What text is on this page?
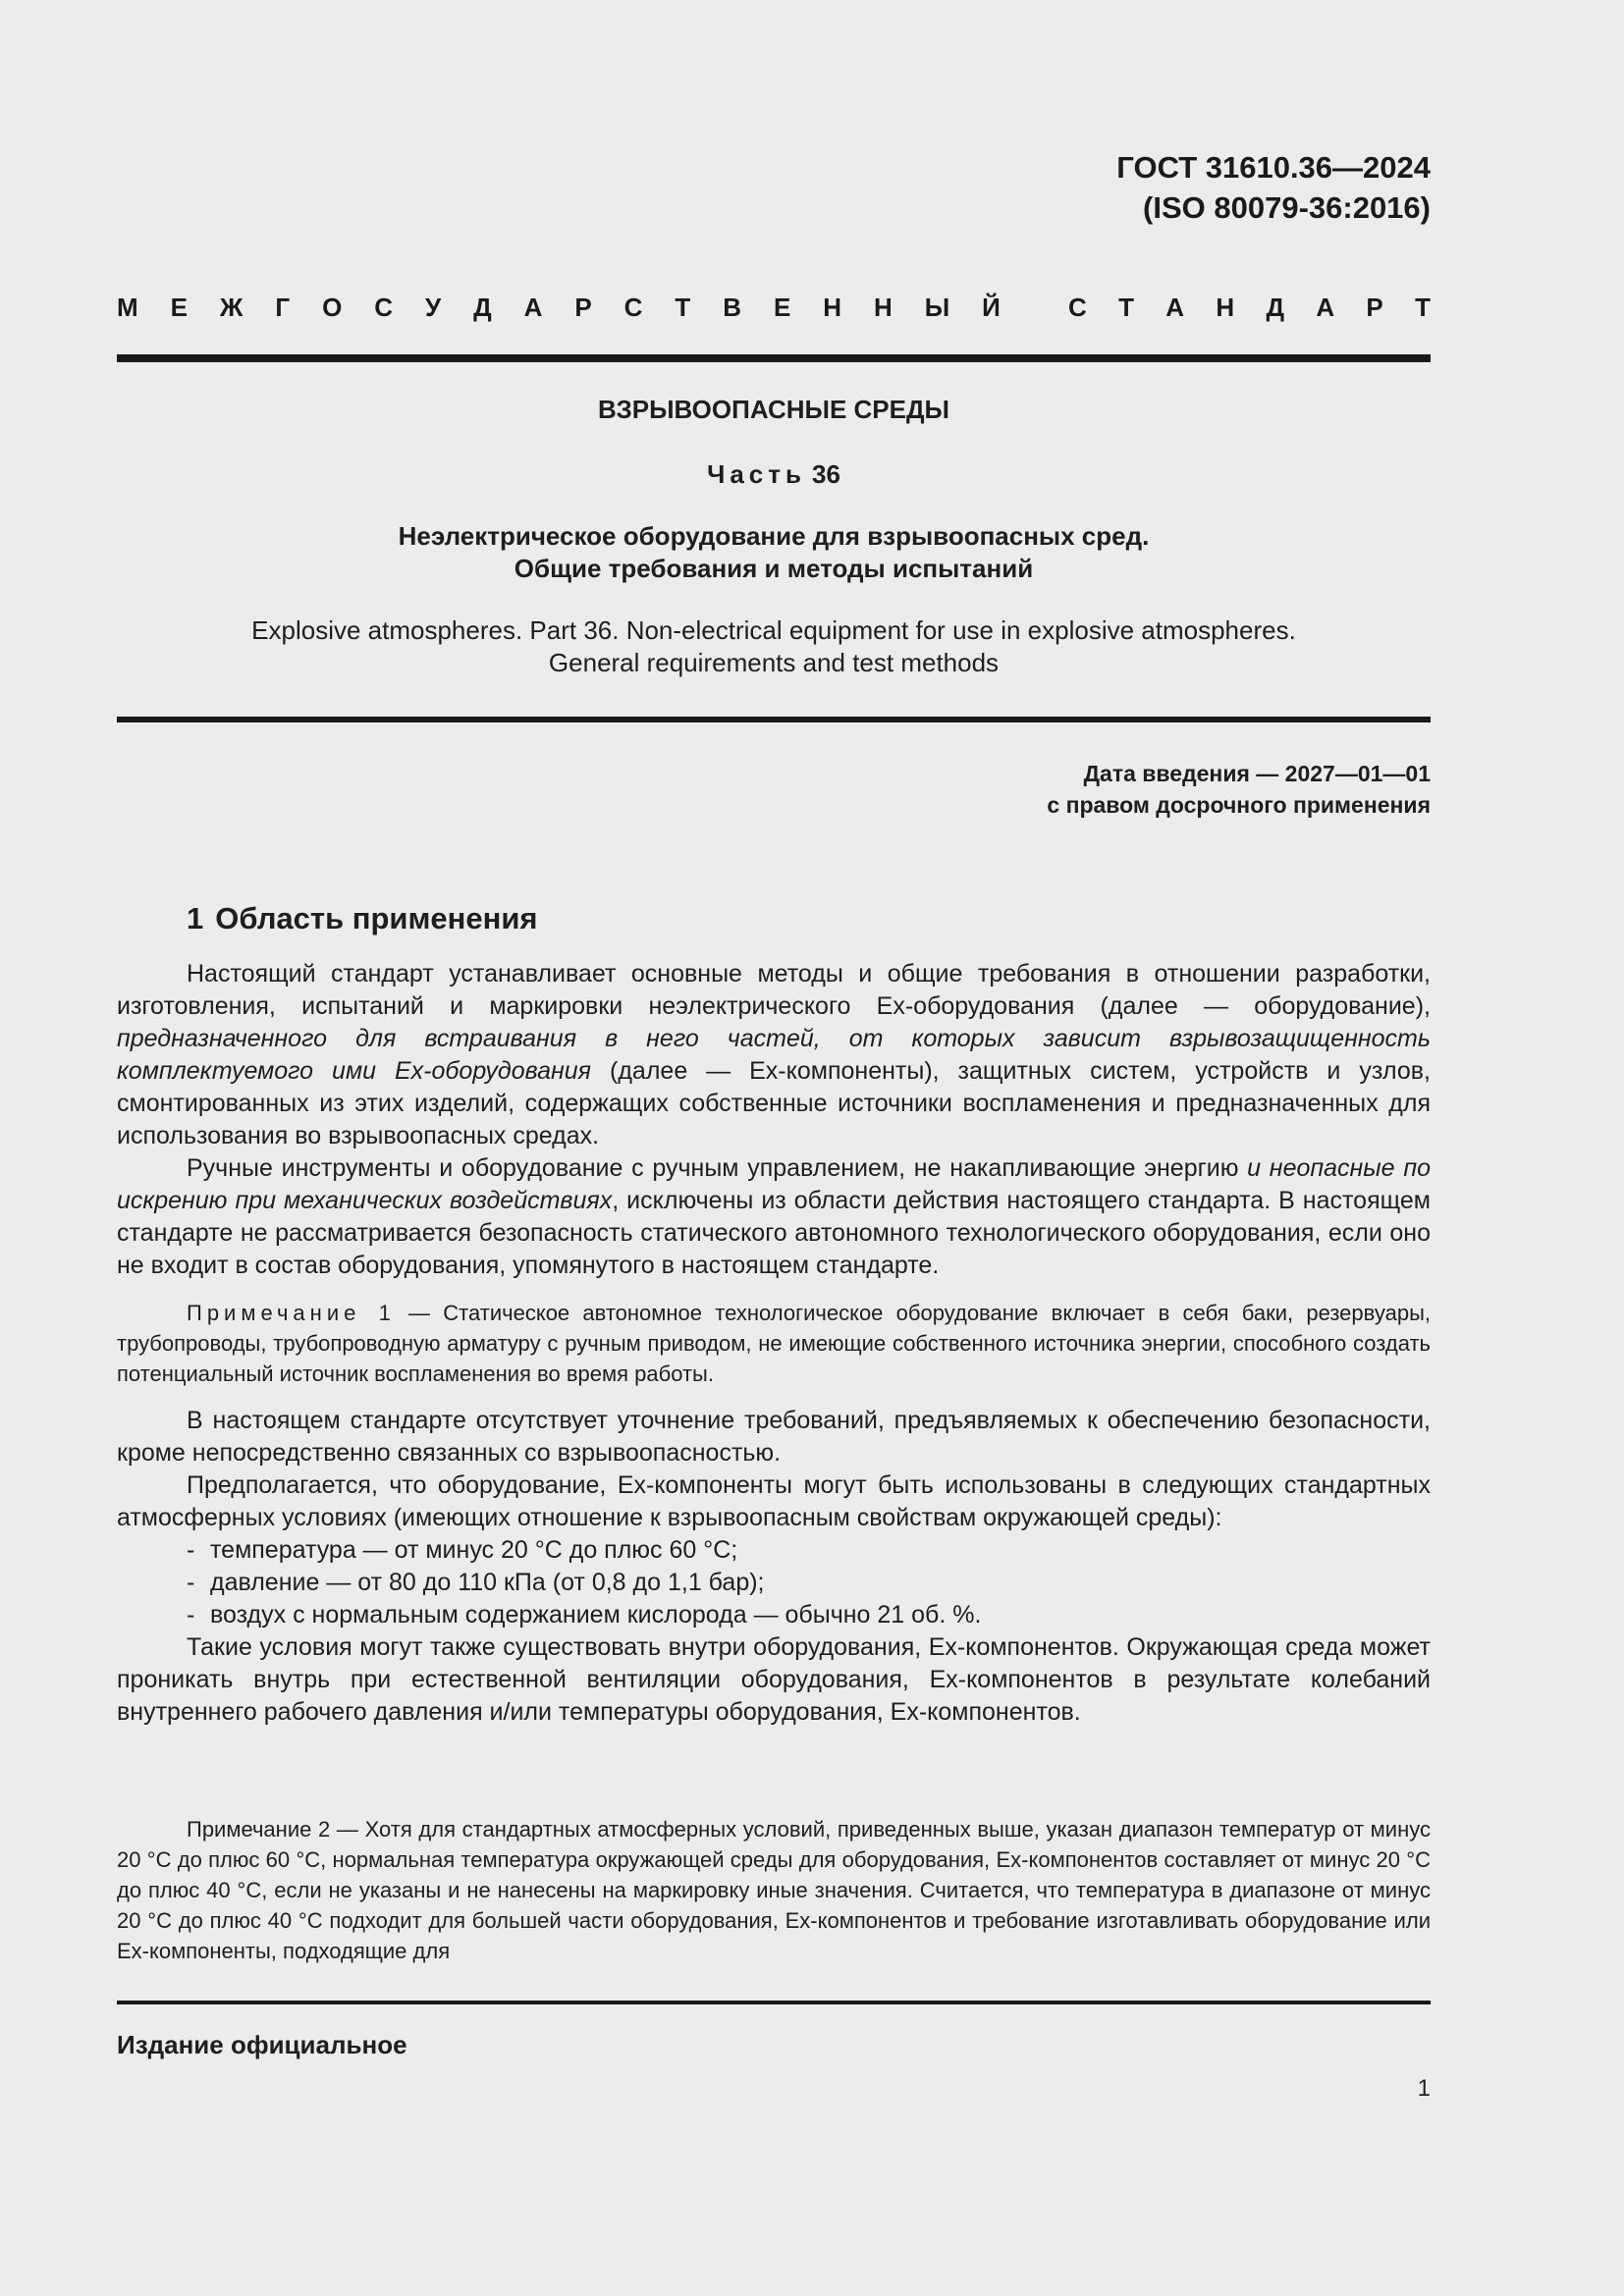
ГОСТ 31610.36—2024
(ISO 80079-36:2016)
М Е Ж Г О С У Д А Р С Т В Е Н Н Ы Й	С Т А Н Д А Р Т
ВЗРЫВООПАСНЫЕ СРЕДЫ
Часть 36
Неэлектрическое оборудование для взрывоопасных сред.
Общие требования и методы испытаний
Explosive atmospheres. Part 36. Non-electrical equipment for use in explosive atmospheres.
General requirements and test methods
Дата введения — 2027—01—01
с правом досрочного применения
1 Область применения

Настоящий стандарт устанавливает основные методы и общие требования в отношении разработки, изготовления, испытаний и маркировки неэлектрического Ех-оборудования (далее — оборудование), предназначенного для встраивания в него частей, от которых зависит взрывозащищенность комплектуемого ими Ех-оборудования (далее — Ех-компоненты), защитных систем, устройств и узлов, смонтированных из этих изделий, содержащих собственные источники воспламенения и предназначенных для использования во взрывоопасных средах.

Ручные инструменты и оборудование с ручным управлением, не накапливающие энергию и неопасные по искрению при механических воздействиях, исключены из области действия настоящего стандарта. В настоящем стандарте не рассматривается безопасность статического автономного технологического оборудования, если оно не входит в состав оборудования, упомянутого в настоящем стандарте.

Примечание 1 — Статическое автономное технологическое оборудование включает в себя баки, резервуары, трубопроводы, трубопроводную арматуру с ручным приводом, не имеющие собственного источника энергии, способного создать потенциальный источник воспламенения во время работы.

В настоящем стандарте отсутствует уточнение требований, предъявляемых к обеспечению безопасности, кроме непосредственно связанных со взрывоопасностью.

Предполагается, что оборудование, Ех-компоненты могут быть использованы в следующих стандартных атмосферных условиях (имеющих отношение к взрывоопасным свойствам окружающей среды):

- температура — от минус 20 °С до плюс 60 °С;
- давление — от 80 до 110 кПа (от 0,8 до 1,1 бар);
- воздух с нормальным содержанием кислорода — обычно 21 об. %.

Такие условия могут также существовать внутри оборудования, Ех-компонентов. Окружающая среда может проникать внутрь при естественной вентиляции оборудования, Ех-компонентов в результате колебаний внутреннего рабочего давления и/или температуры оборудования, Ех-компонентов.

Примечание 2 — Хотя для стандартных атмосферных условий, приведенных выше, указан диапазон температур от минус 20 °С до плюс 60 °С, нормальная температура окружающей среды для оборудования, Ех-компонентов составляет от минус 20 °С до плюс 40 °С, если не указаны и не нанесены на маркировку иные значения. Считается, что температура в диапазоне от минус 20 °С до плюс 40 °С подходит для большей части оборудования, Ех-компонентов и требование изготавливать оборудование или Ех-компоненты, подходящие для

Издание официальное
1
